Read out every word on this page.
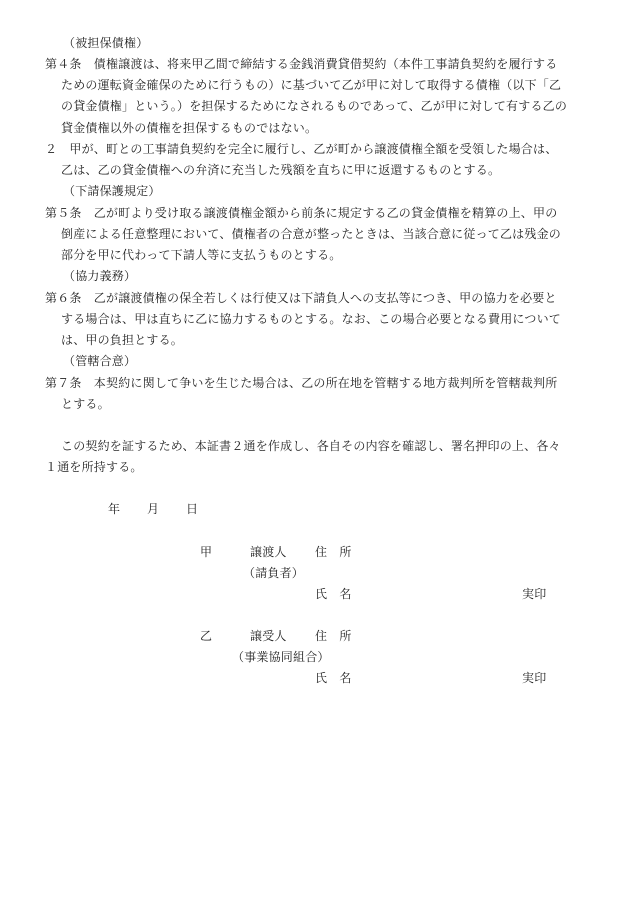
（被担保債権）
第４条　債権譲渡は、将来甲乙間で締結する金銭消費貸借契約（本件工事請負契約を履行する
ための運転資金確保のために行うもの）に基づいて乙が甲に対して取得する債権（以下「乙
の貸金債権」という。）を担保するためになされるものであって、乙が甲に対して有する乙の
貸金債権以外の債権を担保するものではない。
２　甲が、町との工事請負契約を完全に履行し、乙が町から譲渡債権全額を受領した場合は、
乙は、乙の貸金債権への弁済に充当した残額を直ちに甲に返還するものとする。
（下請保護規定）
第５条　乙が町より受け取る譲渡債権金額から前条に規定する乙の貸金債権を精算の上、甲の
倒産による任意整理において、債権者の合意が整ったときは、当該合意に従って乙は残金の
部分を甲に代わって下請人等に支払うものとする。
（協力義務）
第６条　乙が譲渡債権の保全若しくは行使又は下請負人への支払等につき、甲の協力を必要と
する場合は、甲は直ちに乙に協力するものとする。なお、この場合必要となる費用について
は、甲の負担とする。
（管轄合意）
第７条　本契約に関して争いを生じた場合は、乙の所在地を管轄する地方裁判所を管轄裁判所
とする。
この契約を証するため、本証書２通を作成し、各自その内容を確認し、署名押印の上、各々
１通を所持する。
年 月 日
甲	譲渡人 住　所
（請負者）
氏　名	実印
乙	譲受人 住　所
（事業協同組合）
氏　名	実印
